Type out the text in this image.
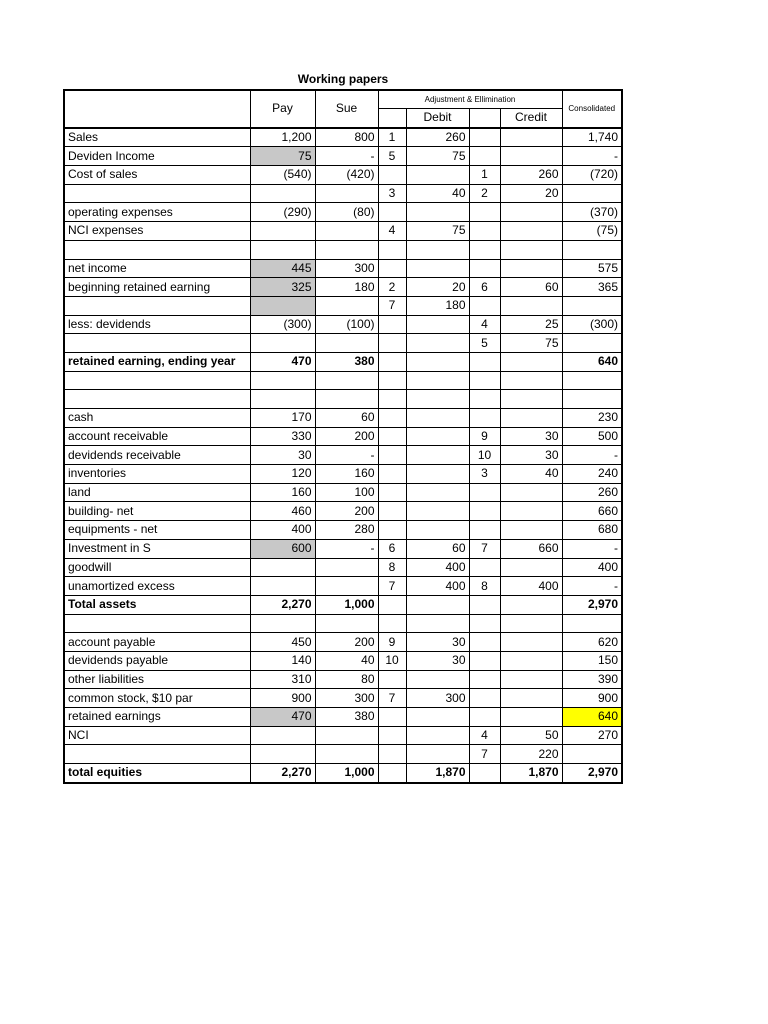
Working papers
	Pay	Sue	Adjustment & Ellimination				Consolidated
				Debit		Credit	
Sales	1,200	800	1	260			1,740
Deviden Income	75	-	5	75			-
Cost of sales	(540)	(420)			1	260	(720)
			3	40	2	20	
operating expenses	(290)	(80)					(370)
NCI expenses			4	75			(75)

net income	445	300					575
beginning retained earning	325	180	2	20	6	60	365
			7	180			
less: devidends	(300)	(100)			4	25	(300)
					5	75	
retained earning, ending year	470	380					640

cash	170	60					230
account receivable	330	200			9	30	500
devidends receivable	30	-			10	30	-
inventories	120	160			3	40	240
land	160	100					260
building- net	460	200					660
equipments - net	400	280					680
Investment in S	600	-	6	60	7	660	-
goodwill			8	400			400
unamortized excess			7	400	8	400	-
Total assets	2,270	1,000					2,970

account payable	450	200	9	30			620
devidends payable	140	40	10	30			150
other liabilities	310	80					390
common stock, $10 par	900	300	7	300			900
retained earnings	470	380					640
NCI					4	50	270
					7	220	
total equities	2,270	1,000		1,870		1,870	2,970
